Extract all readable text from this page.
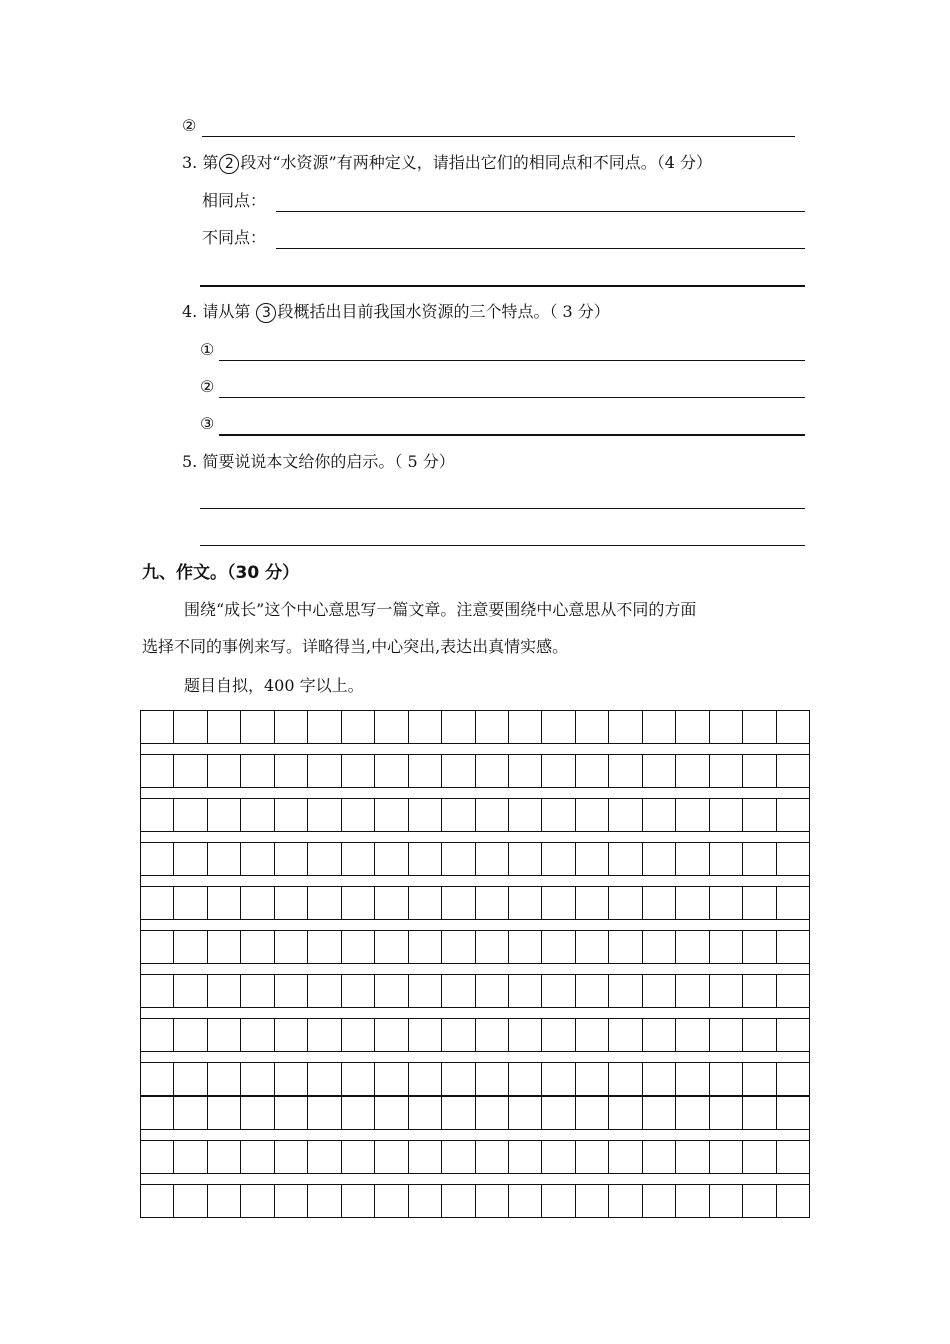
②
3. 第 2 段对“水资源”有两种定义，请指出它们的相同点和不同点。（4 分）
相同点：
不同点：
4. 请从第 3 段概括出目前我国水资源的三个特点。（ 3 分）
①
②
③
5. 简要说说本文给你的启示。（ 5 分）
九、作文。（30 分）
围绕“成长”这个中心意思写一篇文章。注意要围绕中心意思从不同的方面
选择不同的事例来写。详略得当,中心突出,表达出真情实感。
题目自拟，400 字以上。
